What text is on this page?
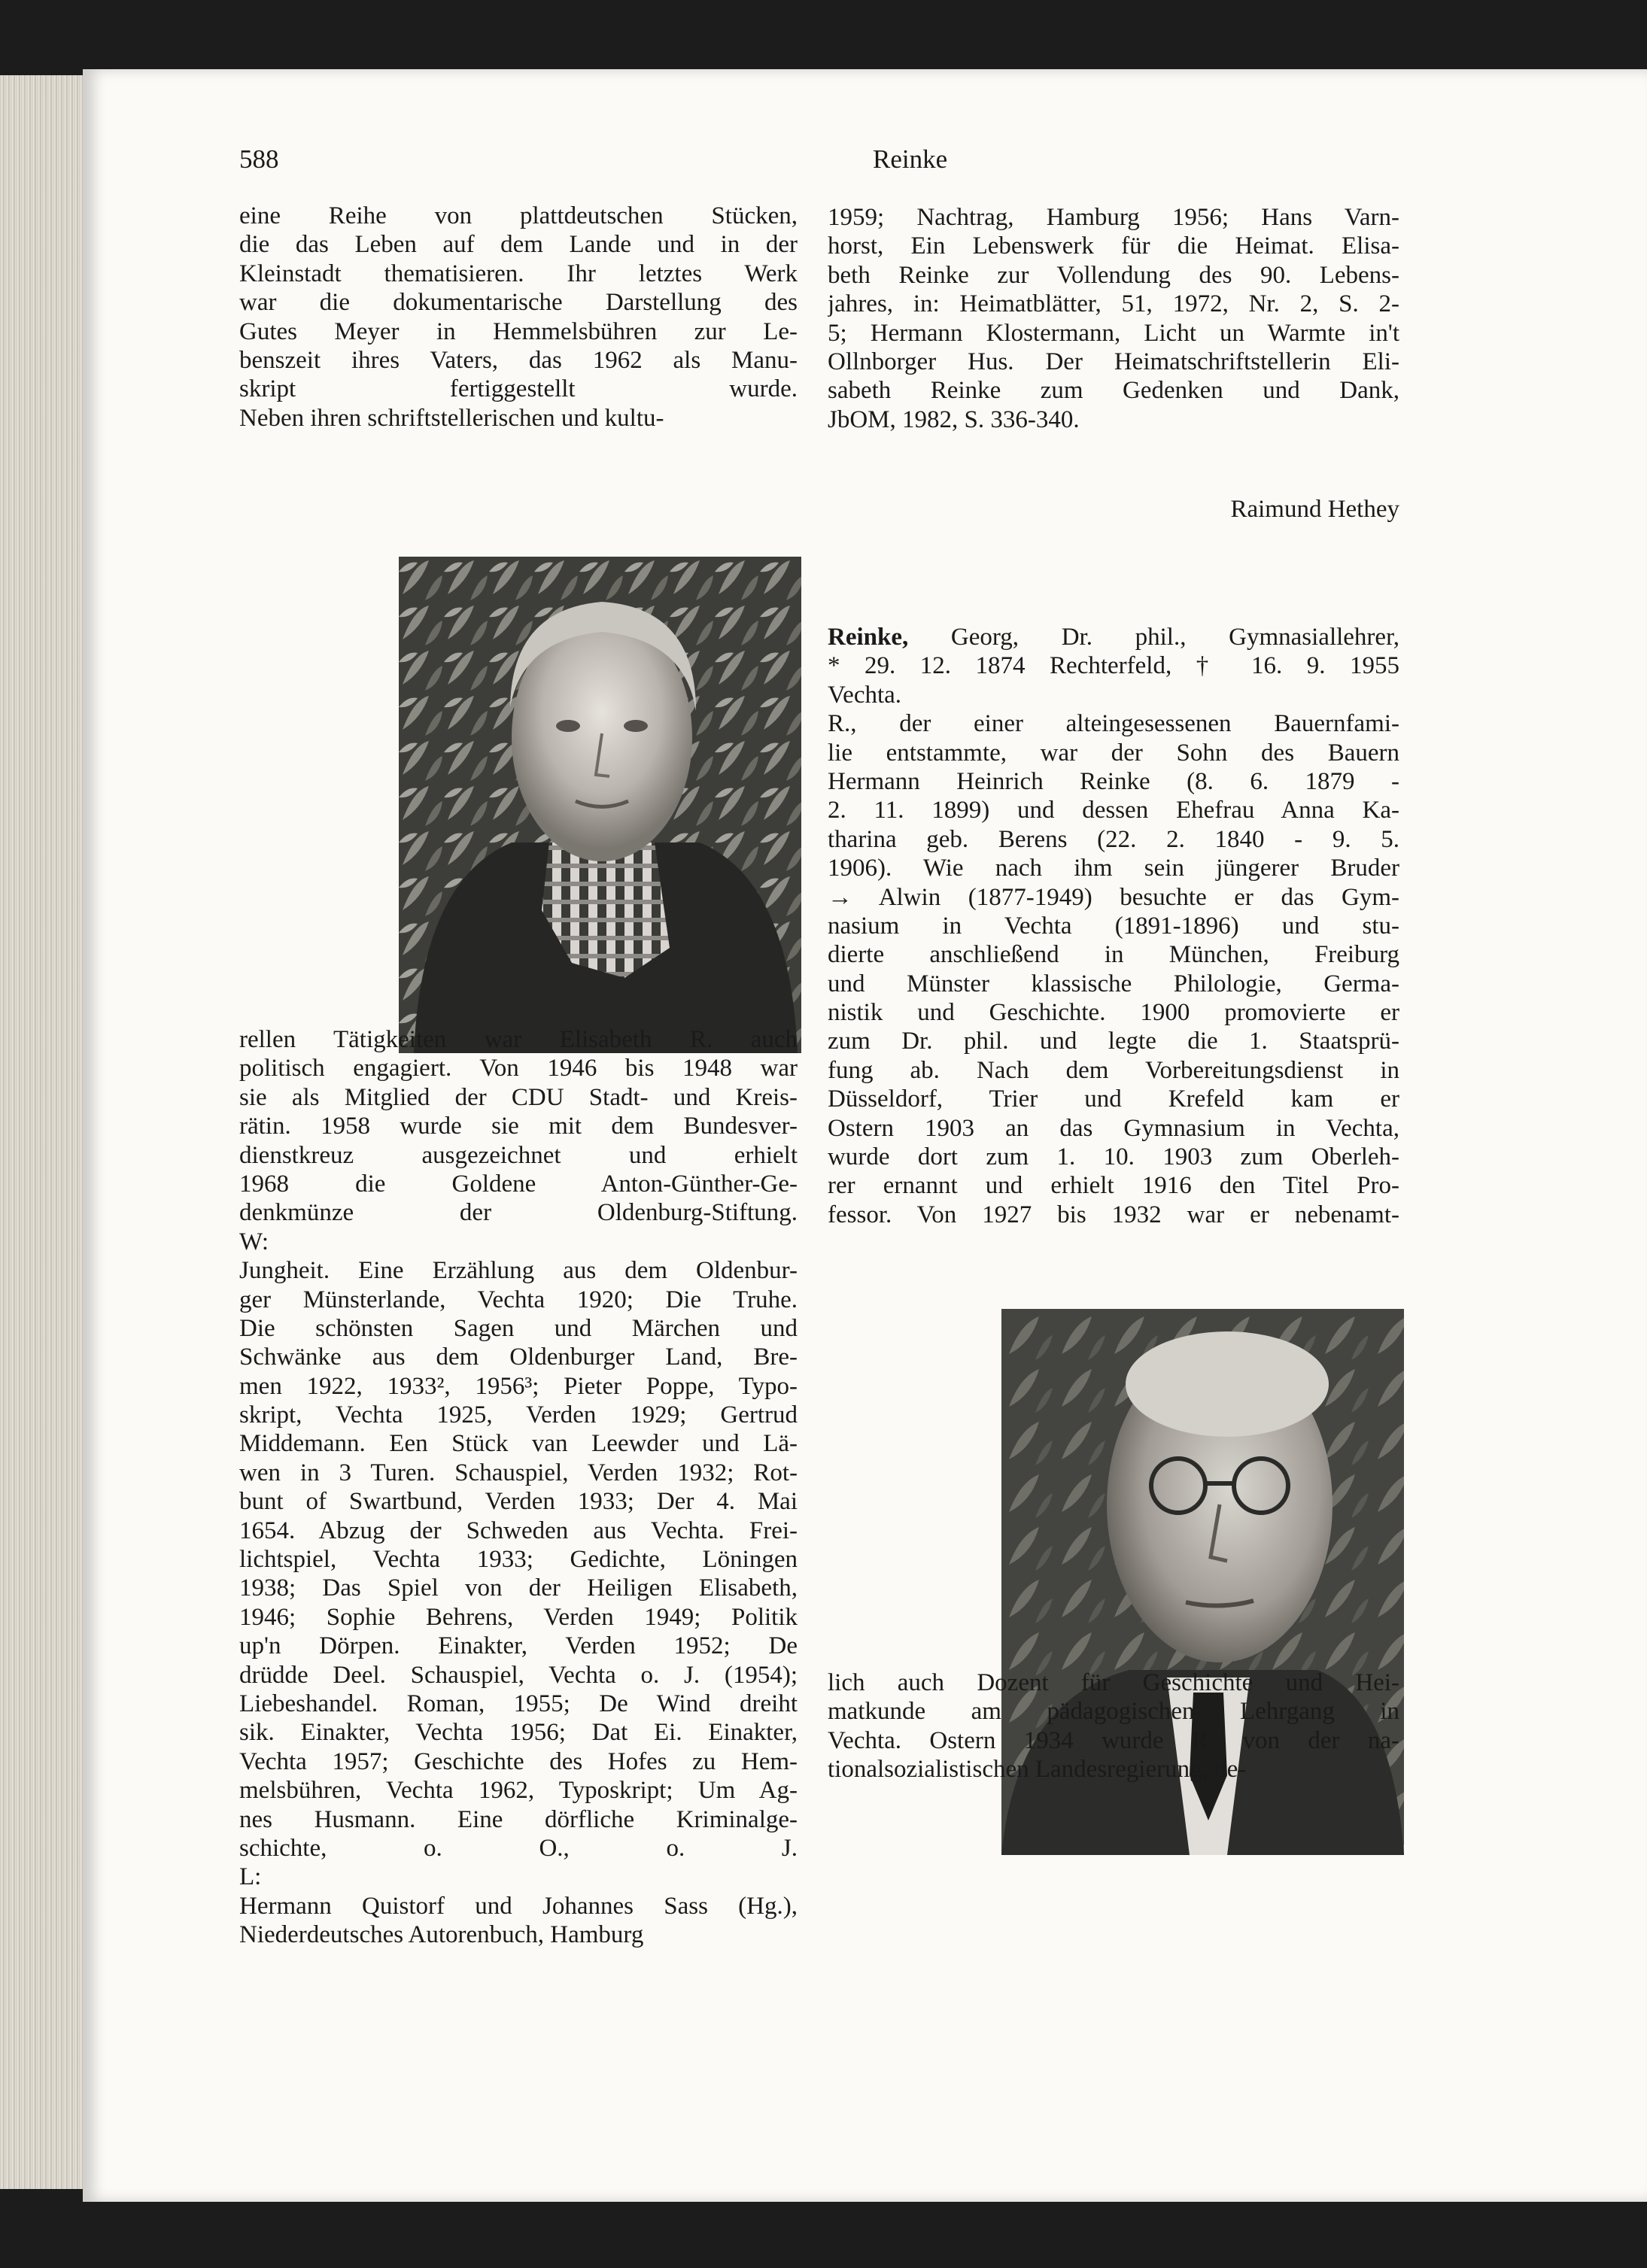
588	Reinke
eine Reihe von plattdeutschen Stücken,
die das Leben auf dem Lande und in der
Kleinstadt thematisieren. Ihr letztes Werk
war die dokumentarische Darstellung des
Gutes Meyer in Hemmelsbühren zur Le-
benszeit ihres Vaters, das 1962 als Manu-
skript fertiggestellt wurde.
Neben ihren schriftstellerischen und kultu-
rellen Tätigkeiten war Elisabeth R. auch
politisch engagiert. Von 1946 bis 1948 war
sie als Mitglied der CDU Stadt- und Kreis-
rätin. 1958 wurde sie mit dem Bundesver-
dienstkreuz ausgezeichnet und erhielt
1968 die Goldene Anton-Günther-Ge-
denkmünze der Oldenburg-Stiftung.
W:
Jungheit. Eine Erzählung aus dem Oldenbur-
ger Münsterlande, Vechta 1920; Die Truhe.
Die schönsten Sagen und Märchen und
Schwänke aus dem Oldenburger Land, Bre-
men 1922, 1933², 1956³; Pieter Poppe, Typo-
skript, Vechta 1925, Verden 1929; Gertrud
Middemann. Een Stück van Leewder und Lä-
wen in 3 Turen. Schauspiel, Verden 1932; Rot-
bunt of Swartbund, Verden 1933; Der 4. Mai
1654. Abzug der Schweden aus Vechta. Frei-
lichtspiel, Vechta 1933; Gedichte, Löningen
1938; Das Spiel von der Heiligen Elisabeth,
1946; Sophie Behrens, Verden 1949; Politik
up'n Dörpen. Einakter, Verden 1952; De
drüdde Deel. Schauspiel, Vechta o. J. (1954);
Liebeshandel. Roman, 1955; De Wind dreiht
sik. Einakter, Vechta 1956; Dat Ei. Einakter,
Vechta 1957; Geschichte des Hofes zu Hem-
melsbühren, Vechta 1962, Typoskript; Um Ag-
nes Husmann. Eine dörfliche Kriminalge-
schichte, o. O., o. J.
L:
Hermann Quistorf und Johannes Sass (Hg.),
Niederdeutsches Autorenbuch, Hamburg
1959; Nachtrag, Hamburg 1956; Hans Varn-
horst, Ein Lebenswerk für die Heimat. Elisa-
beth Reinke zur Vollendung des 90. Lebens-
jahres, in: Heimatblätter, 51, 1972, Nr. 2, S. 2-
5; Hermann Klostermann, Licht un Warmte in't
Ollnborger Hus. Der Heimatschriftstellerin Eli-
sabeth Reinke zum Gedenken und Dank,
JbOM, 1982, S. 336-340.
Raimund Hethey
Reinke, Georg, Dr. phil., Gymnasiallehrer,
* 29. 12. 1874 Rechterfeld, † 16. 9. 1955
Vechta.
R., der einer alteingesessenen Bauernfami-
lie entstammte, war der Sohn des Bauern
Hermann Heinrich Reinke (8. 6. 1879 -
2. 11. 1899) und dessen Ehefrau Anna Ka-
tharina geb. Berens (22. 2. 1840 - 9. 5.
1906). Wie nach ihm sein jüngerer Bruder
→ Alwin (1877-1949) besuchte er das Gym-
nasium in Vechta (1891-1896) und stu-
dierte anschließend in München, Freiburg
und Münster klassische Philologie, Germa-
nistik und Geschichte. 1900 promovierte er
zum Dr. phil. und legte die 1. Staatsprü-
fung ab. Nach dem Vorbereitungsdienst in
Düsseldorf, Trier und Krefeld kam er
Ostern 1903 an das Gymnasium in Vechta,
wurde dort zum 1. 10. 1903 zum Oberleh-
rer ernannt und erhielt 1916 den Titel Pro-
fessor. Von 1927 bis 1932 war er nebenamt-
lich auch Dozent für Geschichte und Hei-
matkunde am pädagogischen Lehrgang in
Vechta. Ostern 1934 wurde R. von der na-
tionalsozialistischen Landesregierung, de-
